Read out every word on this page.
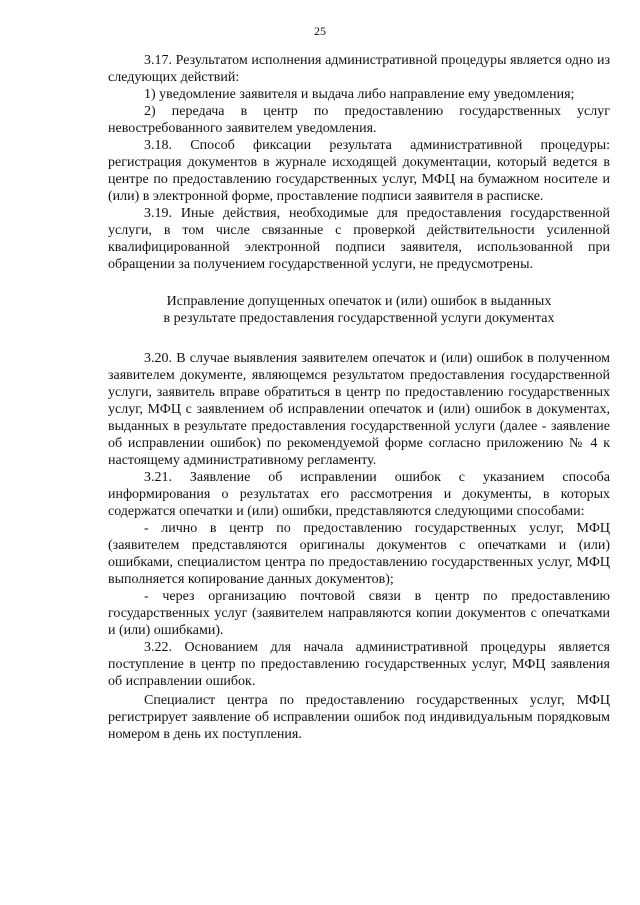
25

3.17. Результатом исполнения административной процедуры является одно из следующих действий:

1) уведомление заявителя и выдача либо направление ему уведомления;

2) передача в центр по предоставлению государственных услуг невостребованного заявителем уведомления.

3.18. Способ фиксации результата административной процедуры: регистрация документов в журнале исходящей документации, который ведется в центре по предоставлению государственных услуг, МФЦ на бумажном носителе и (или) в электронной форме, проставление подписи заявителя в расписке.

3.19. Иные действия, необходимые для предоставления государственной услуги, в том числе связанные с проверкой действительности усиленной квалифицированной электронной подписи заявителя, использованной при обращении за получением государственной услуги, не предусмотрены.

Исправление допущенных опечаток и (или) ошибок в выданных
в результате предоставления государственной услуги документах

3.20. В случае выявления заявителем опечаток и (или) ошибок в полученном заявителем документе, являющемся результатом предоставления государственной услуги, заявитель вправе обратиться в центр по предоставлению государственных услуг, МФЦ с заявлением об исправлении опечаток и (или) ошибок в документах, выданных в результате предоставления государственной услуги (далее - заявление об исправлении ошибок) по рекомендуемой форме согласно приложению № 4 к настоящему административному регламенту.

3.21. Заявление об исправлении ошибок с указанием способа информирования о результатах его рассмотрения и документы, в которых содержатся опечатки и (или) ошибки, представляются следующими способами:

- лично в центр по предоставлению государственных услуг, МФЦ (заявителем представляются оригиналы документов с опечатками и (или) ошибками, специалистом центра по предоставлению государственных услуг, МФЦ выполняется копирование данных документов);

- через организацию почтовой связи в центр по предоставлению государственных услуг (заявителем направляются копии документов с опечатками и (или) ошибками).

3.22. Основанием для начала административной процедуры является поступление в центр по предоставлению государственных услуг, МФЦ заявления об исправлении ошибок.

Специалист центра по предоставлению государственных услуг, МФЦ регистрирует заявление об исправлении ошибок под индивидуальным порядковым номером в день их поступления.
